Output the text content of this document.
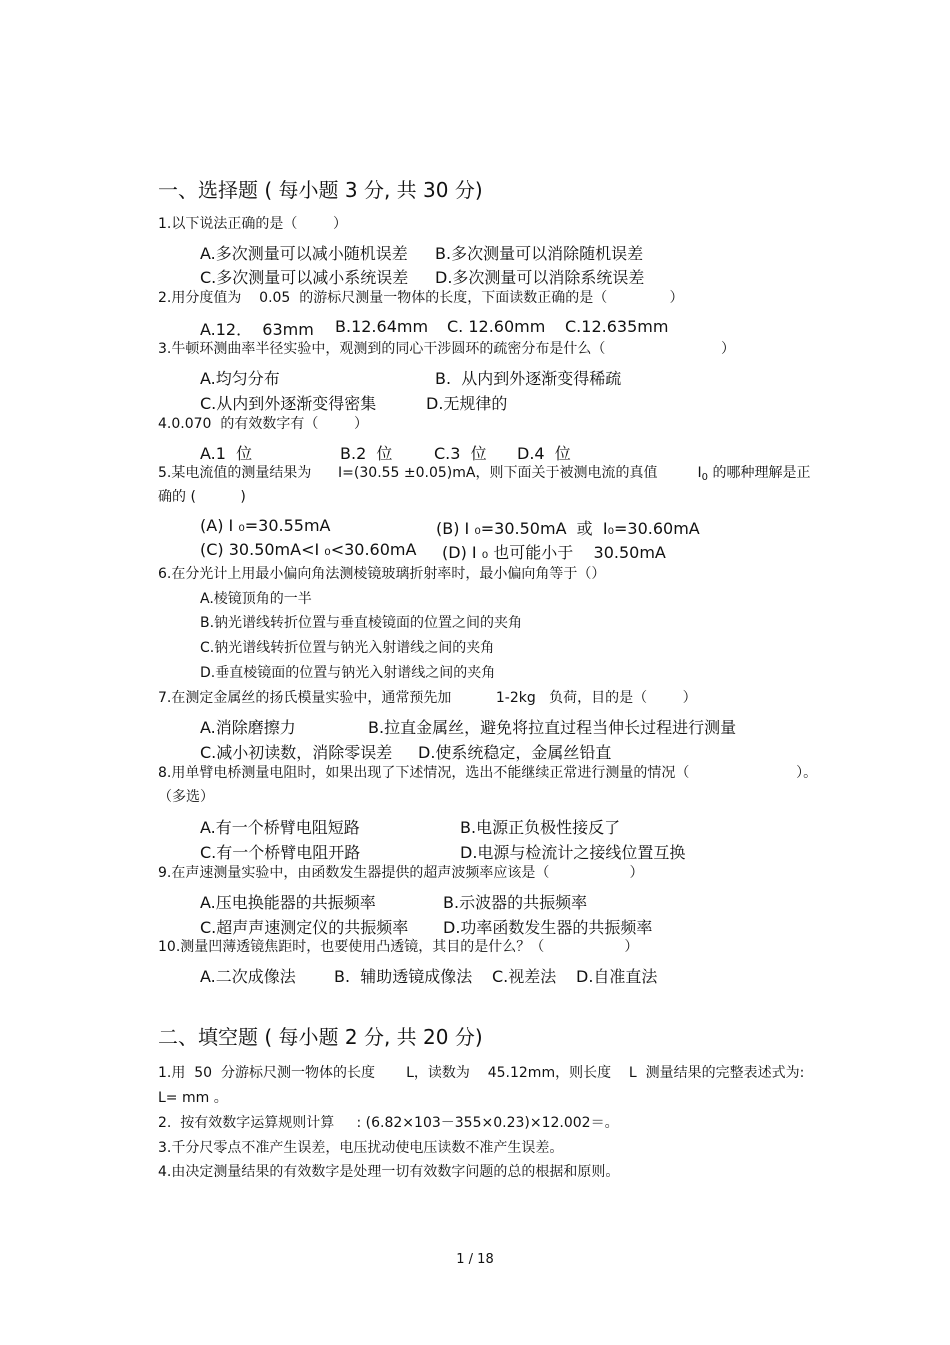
一、选择题 ( 每小题 3 分, 共 30 分)
1.以下说法正确的是（        ）
A.多次测量可以减小随机误差 B.多次测量可以消除随机误差
C.多次测量可以减小系统误差 D.多次测量可以消除系统误差
2.用分度值为    0.05  的游标尺测量一物体的长度，下面读数正确的是（              ）
A.12．  63mm B.12.64mm C. 12.60mm C.12.635mm
3.牛顿环测曲率半径实验中，观测到的同心干涉圆环的疏密分布是什么（                          ）
A.均匀分布	B.  从内到外逐渐变得稀疏
C.从内到外逐渐变得密集	D.无规律的
4.0.070  的有效数字有（        ）
A.1  位	B.2  位	C.3  位 D.4  位
5.某电流值的测量结果为      I=(30.55 ±0.05)mA，则下面关于被测电流的真值         $I_0$ 的哪种理解是正
确的 (          )
(A) I ₀=30.55mA	(B) I ₀=30.50mA  或  I₀=30.60mA
(C) 30.50mA<I ₀<30.60mA (D) I ₀ 也可能小于    30.50mA
6.在分光计上用最小偏向角法测棱镜玻璃折射率时，最小偏向角等于（）
A.棱镜顶角的一半
B.钠光谱线转折位置与垂直棱镜面的位置之间的夹角
C.钠光谱线转折位置与钠光入射谱线之间的夹角
D.垂直棱镜面的位置与钠光入射谱线之间的夹角
7.在测定金属丝的扬氏模量实验中，通常预先加          1-2kg   负荷，目的是（        ）
A.消除磨擦力	B.拉直金属丝，避免将拉直过程当伸长过程进行测量
C.减小初读数，消除零误差 D.使系统稳定，金属丝铅直
8.用单臂电桥测量电阻时，如果出现了下述情况，选出不能继续正常进行测量的情况（                        ）。
（多选）
A.有一个桥臂电阻短路	B.电源正负极性接反了
C.有一个桥臂电阻开路	D.电源与检流计之接线位置互换
9.在声速测量实验中，由函数发生器提供的超声波频率应该是（                  ）
A.压电换能器的共振频率	B.示波器的共振频率
C.超声声速测定仪的共振频率 D.功率函数发生器的共振频率
10.测量凹薄透镜焦距时，也要使用凸透镜，其目的是什么？（                  ）
A.二次成像法 B.  辅助透镜成像法 C.视差法 D.自准直法
二、填空题 ( 每小题 2 分, 共 20 分)
1.用  50  分游标尺测一物体的长度       L，读数为    45.12mm，则长度    L  测量结果的完整表述式为:
L= mm 。
2.  按有效数字运算规则计算     : (6.82×103－355×0.23)×12.002＝。
3.千分尺零点不准产生误差，电压扰动使电压读数不准产生误差。
4.由决定测量结果的有效数字是处理一切有效数字问题的总的根据和原则。
1 / 18
